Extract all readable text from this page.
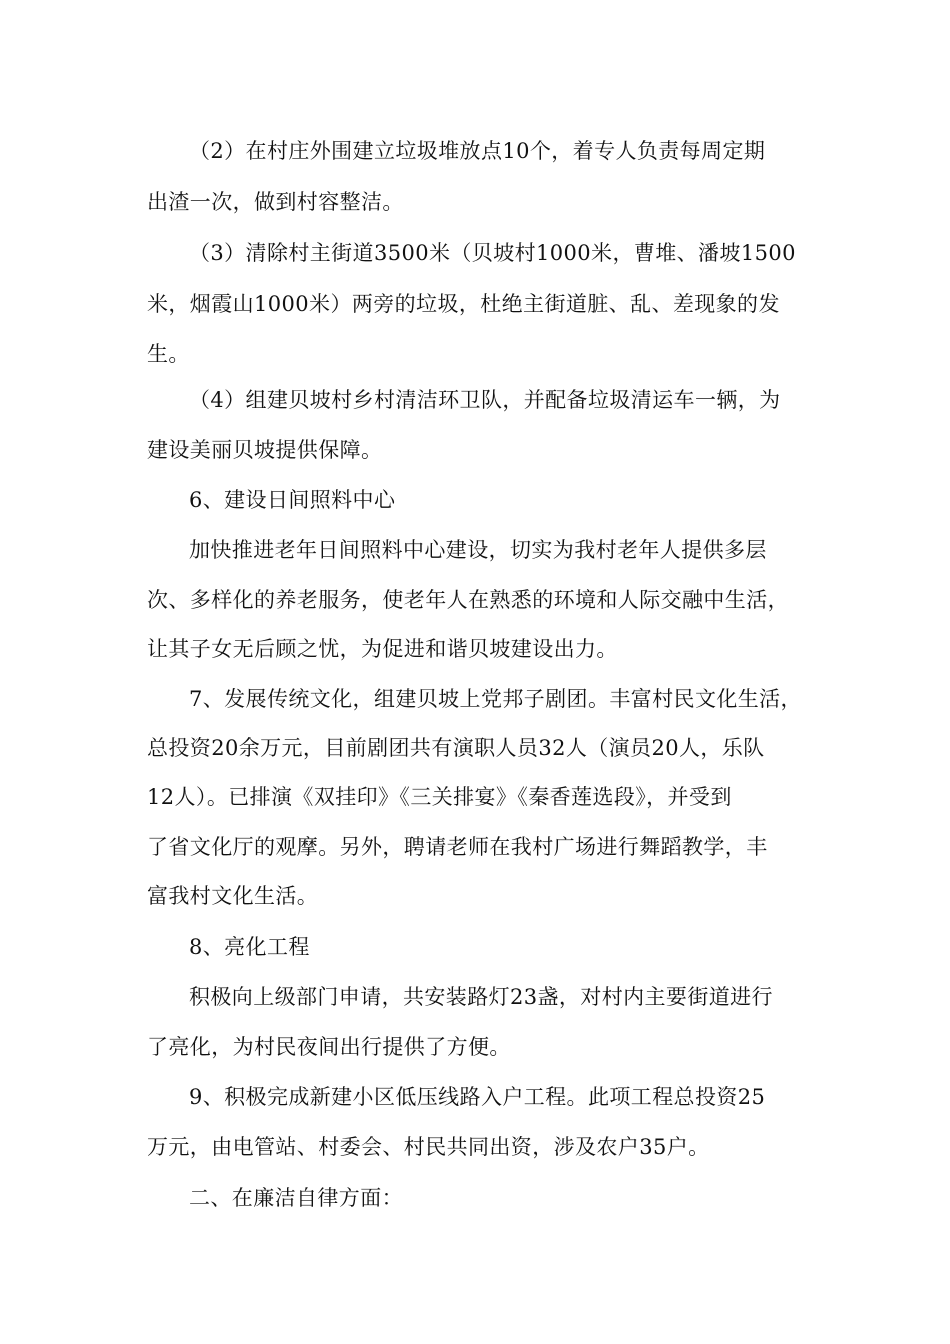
（2）在村庄外围建立垃圾堆放点10个，着专人负责每周定期
出渣一次，做到村容整洁。
（3）清除村主街道3500米（贝坡村1000米，曹堆、潘坡1500
米，烟霞山1000米）两旁的垃圾，杜绝主街道脏、乱、差现象的发
生。
（4）组建贝坡村乡村清洁环卫队，并配备垃圾清运车一辆，为
建设美丽贝坡提供保障。
6、建设日间照料中心
加快推进老年日间照料中心建设，切实为我村老年人提供多层
次、多样化的养老服务，使老年人在熟悉的环境和人际交融中生活，
让其子女无后顾之忧，为促进和谐贝坡建设出力。
7、发展传统文化，组建贝坡上党邦子剧团。丰富村民文化生活，
总投资20余万元，目前剧团共有演职人员32人（演员20人，乐队
12人）。已排演《双挂印》《三关排宴》《秦香莲选段》，并受到
了省文化厅的观摩。另外，聘请老师在我村广场进行舞蹈教学，丰
富我村文化生活。
8、亮化工程
积极向上级部门申请，共安装路灯23盏，对村内主要街道进行
了亮化，为村民夜间出行提供了方便。
9、积极完成新建小区低压线路入户工程。此项工程总投资25
万元，由电管站、村委会、村民共同出资，涉及农户35户。
二、在廉洁自律方面：
